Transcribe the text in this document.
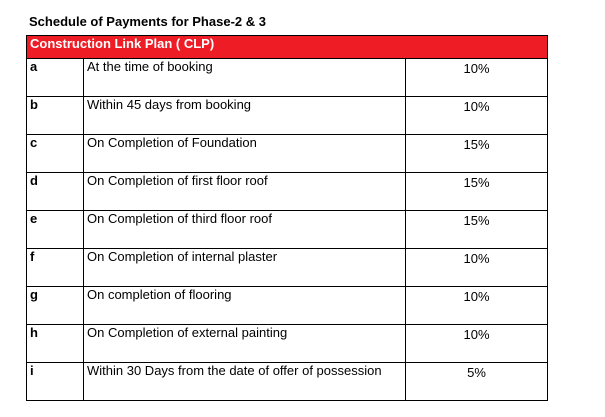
Schedule of Payments for Phase-2 & 3
Construction Link Plan ( CLP)		
a	At the time of booking	10%
b	Within 45 days from booking	10%
c	On Completion of Foundation	15%
d	On Completion of first floor roof	15%
e	On Completion of third floor roof	15%
f	On Completion of internal plaster	10%
g	On completion of flooring	10%
h	On Completion of external painting	10%
i	Within 30 Days from the date of offer of possession	5%
